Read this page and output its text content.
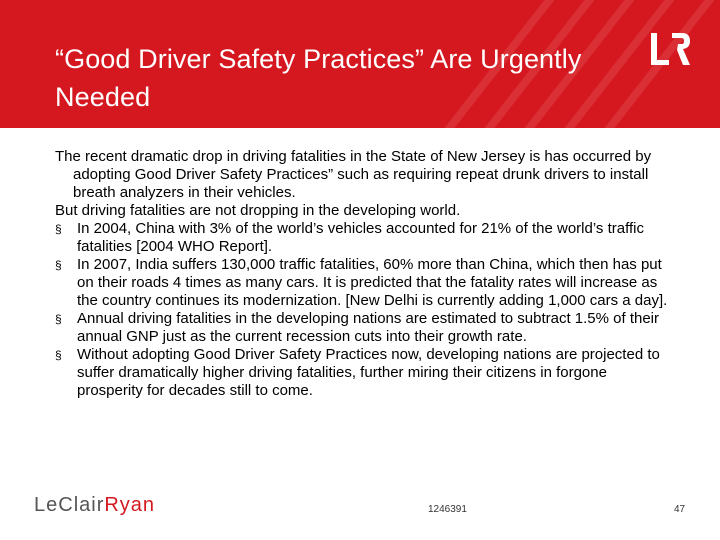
“Good Driver Safety Practices” Are Urgently Needed

The recent dramatic drop in driving fatalities in the State of New Jersey is has occurred by adopting Good Driver Safety Practices” such as requiring repeat drunk drivers to install breath analyzers in their vehicles.

But driving fatalities are not dropping in the developing world.

§ In 2004, China with 3% of the world’s vehicles accounted for 21% of the world’s traffic fatalities [2004 WHO Report].
§ In 2007, India suffers 130,000 traffic fatalities, 60% more than China, which then has put on their roads 4 times as many cars. It is predicted that the fatality rates will increase as the country continues its modernization. [New Delhi is currently adding 1,000 cars a day].
§ Annual driving fatalities in the developing nations are estimated to subtract 1.5% of their annual GNP just as the current recession cuts into their growth rate.
§ Without adopting Good Driver Safety Practices now, developing nations are projected to suffer dramatically higher driving fatalities, further miring their citizens in forgone prosperity for decades still to come.
LeClairRyan	1246391	47
